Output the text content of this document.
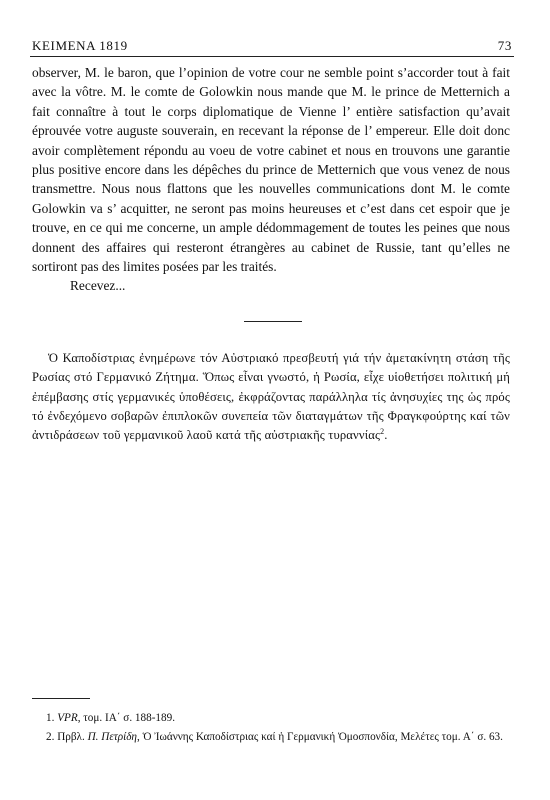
ΚΕΙΜΕΝΑ 1819	73

observer, M. le baron, que l’opinion de votre cour ne semble point s’accorder tout à fait avec la vôtre. M. le comte de Golowkin nous mande que M. le prince de Metternich a fait connaître à tout le corps diplomatique de Vienne l’ entière satisfaction qu’avait éprouvée votre auguste souverain, en recevant la réponse de l’ empereur. Elle doit donc avoir complètement répondu au voeu de votre cabinet et nous en trouvons une garantie plus positive encore dans les dépêches du prince de Metternich que vous venez de nous transmettre. Nous nous flattons que les nouvelles communications dont M. le comte Golowkin va s’ acquitter, ne seront pas moins heureuses et c’est dans cet espoir que je trouve, en ce qui me concerne, un ample dédommagement de toutes les peines que nous donnent des affaires qui resteront étrangères au cabinet de Russie, tant qu’elles ne sortiront pas des limites posées par les traités.

Recevez...

Ὁ Καποδίστριας ἐνημέρωνε τόν Αὐστριακό πρεσβευτή γιά τήν ἀμετακίνητη στάση τῆς Ρωσίας στό Γερμανικό Ζήτημα. Ὅπως εἶναι γνωστό, ἡ Ρωσία, εἶχε υἱοθετήσει πολιτική μή ἐπέμβασης στίς γερμανικές ὑποθέσεις, ἐκφράζοντας παράλληλα τίς ἀνησυχίες της ὡς πρός τό ἐνδεχόμενο σοβαρῶν ἐπιπλοκῶν συνεπεία τῶν διαταγμάτων τῆς Φραγκφούρτης καί τῶν ἀντιδράσεων τοῦ γερμανικοῦ λαοῦ κατά τῆς αὐστριακῆς τυραννίας$^2$.

1. VPR, τομ. ΙΑ΄ σ. 188-189.

2. Πρβλ. Π. Πετρίδη, Ὁ Ἰωάννης Καποδίστριας καί ἡ Γερμανική Ὁμοσπονδία, Μελέτες τομ. Α΄ σ. 63.
